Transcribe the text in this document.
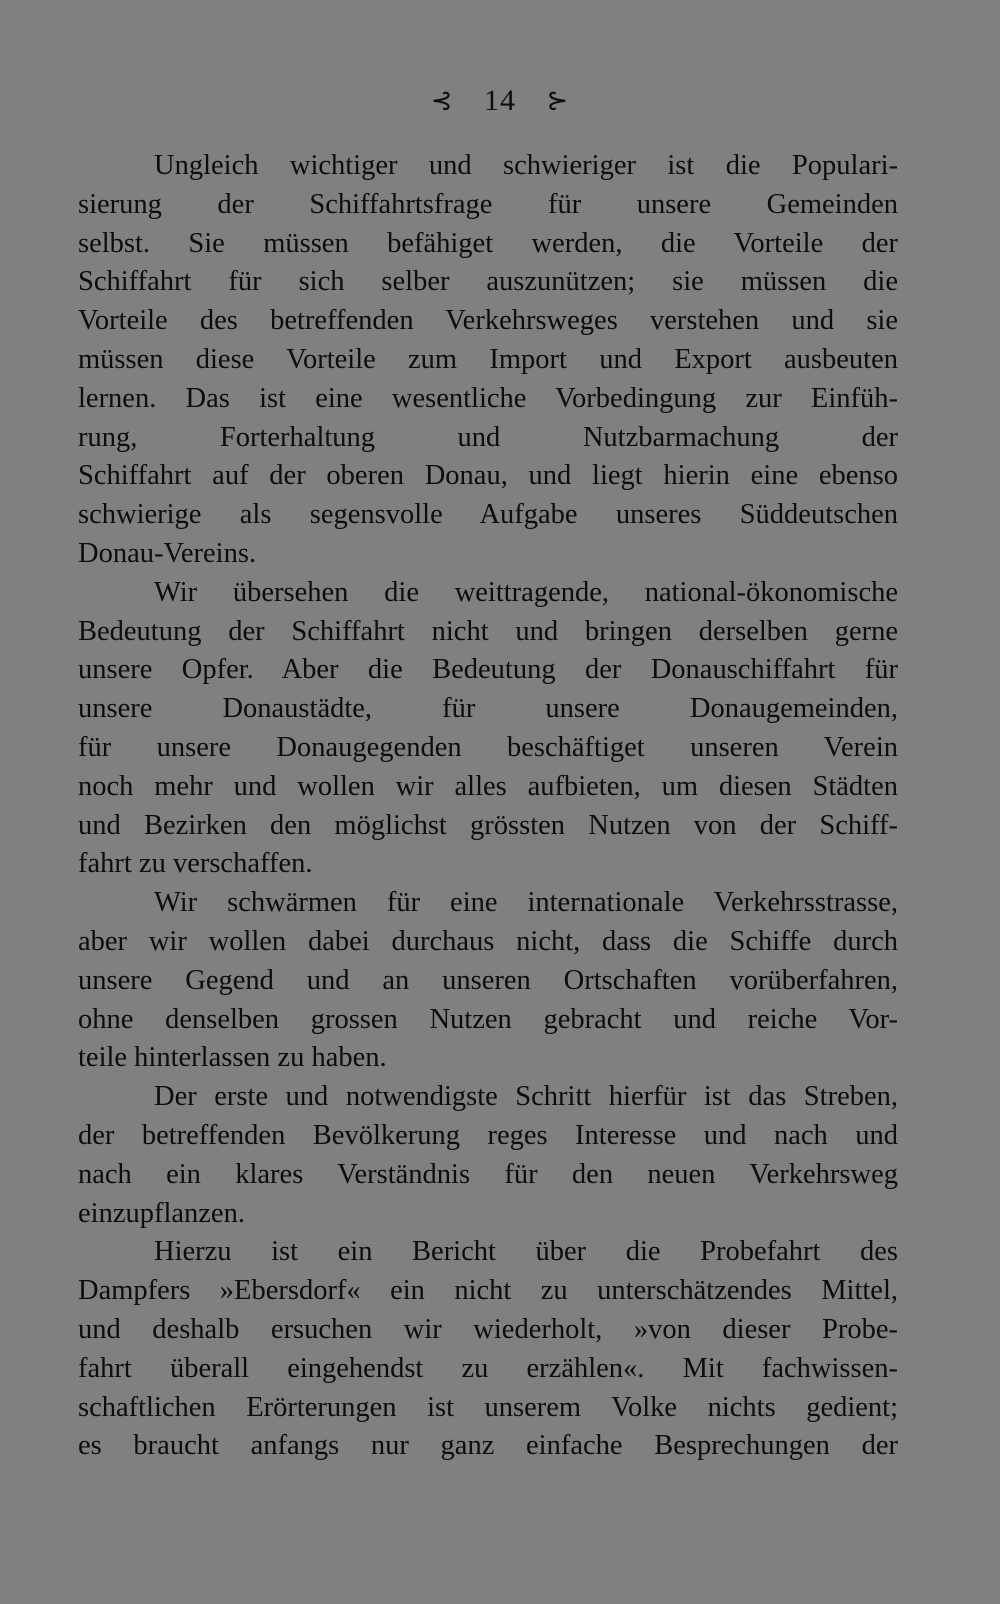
⊰ 14 ⊱
Ungleich wichtiger und schwieriger ist die Populari-
sierung der Schiffahrtsfrage für unsere Gemeinden
selbst. Sie müssen befähiget werden, die Vorteile der
Schiffahrt für sich selber auszunützen; sie müssen die
Vorteile des betreffenden Verkehrsweges verstehen und sie
müssen diese Vorteile zum Import und Export ausbeuten
lernen. Das ist eine wesentliche Vorbedingung zur Einfüh-
rung, Forterhaltung und Nutzbarmachung der
Schiffahrt auf der oberen Donau, und liegt hierin eine ebenso
schwierige als segensvolle Aufgabe unseres Süddeutschen
Donau-Vereins.
Wir übersehen die weittragende, national-ökonomische
Bedeutung der Schiffahrt nicht und bringen derselben gerne
unsere Opfer. Aber die Bedeutung der Donauschiffahrt für
unsere Donaustädte, für unsere Donaugemeinden,
für unsere Donaugegenden beschäftiget unseren Verein
noch mehr und wollen wir alles aufbieten, um diesen Städten
und Bezirken den möglichst grössten Nutzen von der Schiff-
fahrt zu verschaffen.
Wir schwärmen für eine internationale Verkehrsstrasse,
aber wir wollen dabei durchaus nicht, dass die Schiffe durch
unsere Gegend und an unseren Ortschaften vorüberfahren,
ohne denselben grossen Nutzen gebracht und reiche Vor-
teile hinterlassen zu haben.
Der erste und notwendigste Schritt hierfür ist das Streben,
der betreffenden Bevölkerung reges Interesse und nach und
nach ein klares Verständnis für den neuen Verkehrsweg
einzupflanzen.
Hierzu ist ein Bericht über die Probefahrt des
Dampfers »Ebersdorf« ein nicht zu unterschätzendes Mittel,
und deshalb ersuchen wir wiederholt, »von dieser Probe-
fahrt überall eingehendst zu erzählen«. Mit fachwissen-
schaftlichen Erörterungen ist unserem Volke nichts gedient;
es braucht anfangs nur ganz einfache Besprechungen der
